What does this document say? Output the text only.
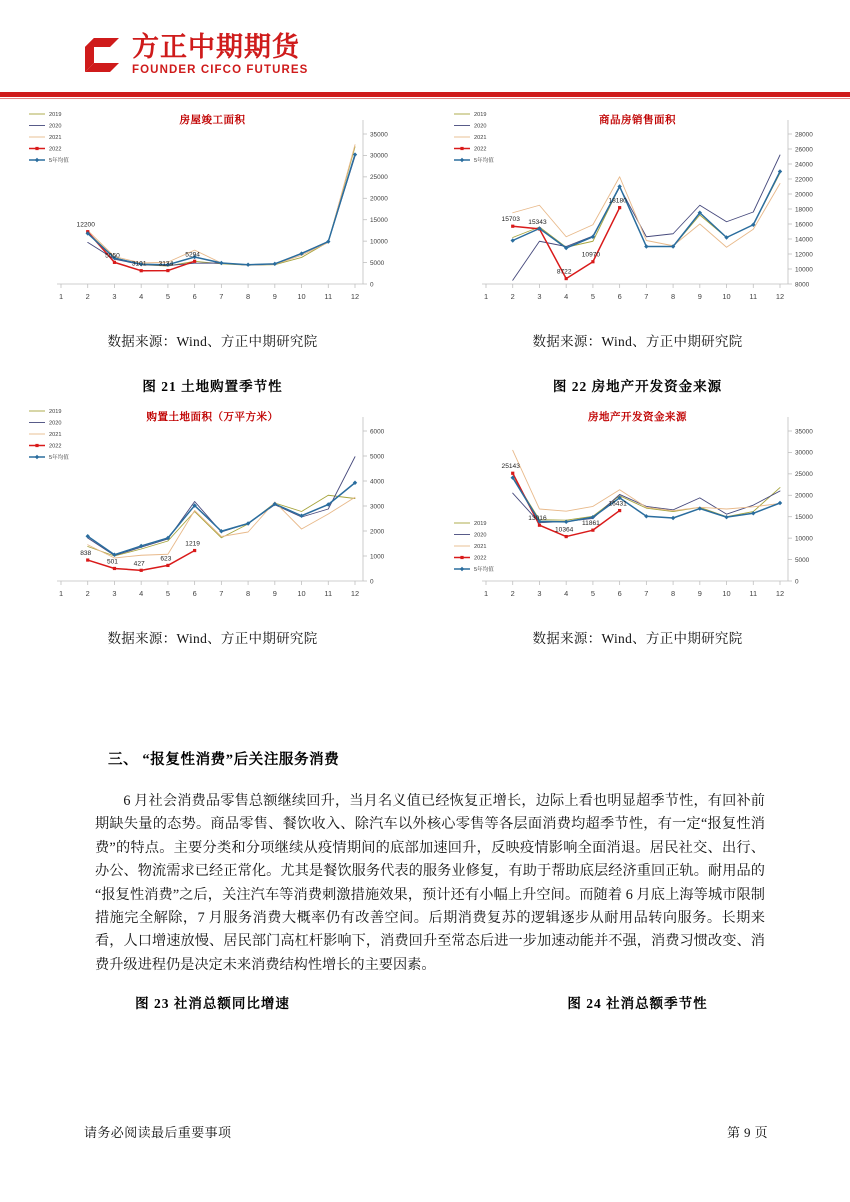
方正中期期货
FOUNDER CIFCO FUTURES
房屋竣工面积
0
5000
10000
15000
20000
25000
30000
35000
1	2	3	4	5	6	7	8	9	10	11	12
12200
5050
3101 3134
5294
2019
2020
2021
2022
5年均值
数据来源：Wind、方正中期研究院
商品房销售面积
8000
10000
12000
14000
16000
18000
20000
22000
24000
26000
28000
1	2	3	4	5	6	7	8	9	10	11	12
15703 15343
8722
10970
18180
2019
2020
2021
2022
5年均值
数据来源：Wind、方正中期研究院
图 21 土地购置季节性	图 22 房地产开发资金来源
购置土地面积（万平方米）
0
1000
2000
3000
4000
5000
6000
1	2	3	4	5	6	7	8	9	10	11	12
838
501 427
623
1219
2019
2020
2021
2022
5年均值
数据来源：Wind、方正中期研究院
房地产开发资金来源
0
5000
10000
15000
20000
25000
30000
35000
1	2	3	4	5	6	7	8	9	10	11	12
25143
13016
10364
11861
16431
2019
2020
2021
2022
5年均值
数据来源：Wind、方正中期研究院
三、 “报复性消费”后关注服务消费
6 月社会消费品零售总额继续回升，当月名义值已经恢复正增长，边际上看也明显超季节性，有回补前期缺失量的态势。商品零售、餐饮收入、除汽车以外核心零售等各层面消费均超季节性，有一定“报复性消费”的特点。主要分类和分项继续从疫情期间的底部加速回升，反映疫情影响全面消退。居民社交、出行、办公、物流需求已经正常化。尤其是餐饮服务代表的服务业修复，有助于帮助底层经济重回正轨。耐用品的“报复性消费”之后，关注汽车等消费刺激措施效果，预计还有小幅上升空间。而随着 6 月底上海等城市限制措施完全解除，7 月服务消费大概率仍有改善空间。后期消费复苏的逻辑逐步从耐用品转向服务。长期来看，人口增速放慢、居民部门高杠杆影响下，消费回升至常态后进一步加速动能并不强，消费习惯改变、消费升级进程仍是决定未来消费结构性增长的主要因素。
图 23 社消总额同比增速	图 24 社消总额季节性
请务必阅读最后重要事项	第 9 页
